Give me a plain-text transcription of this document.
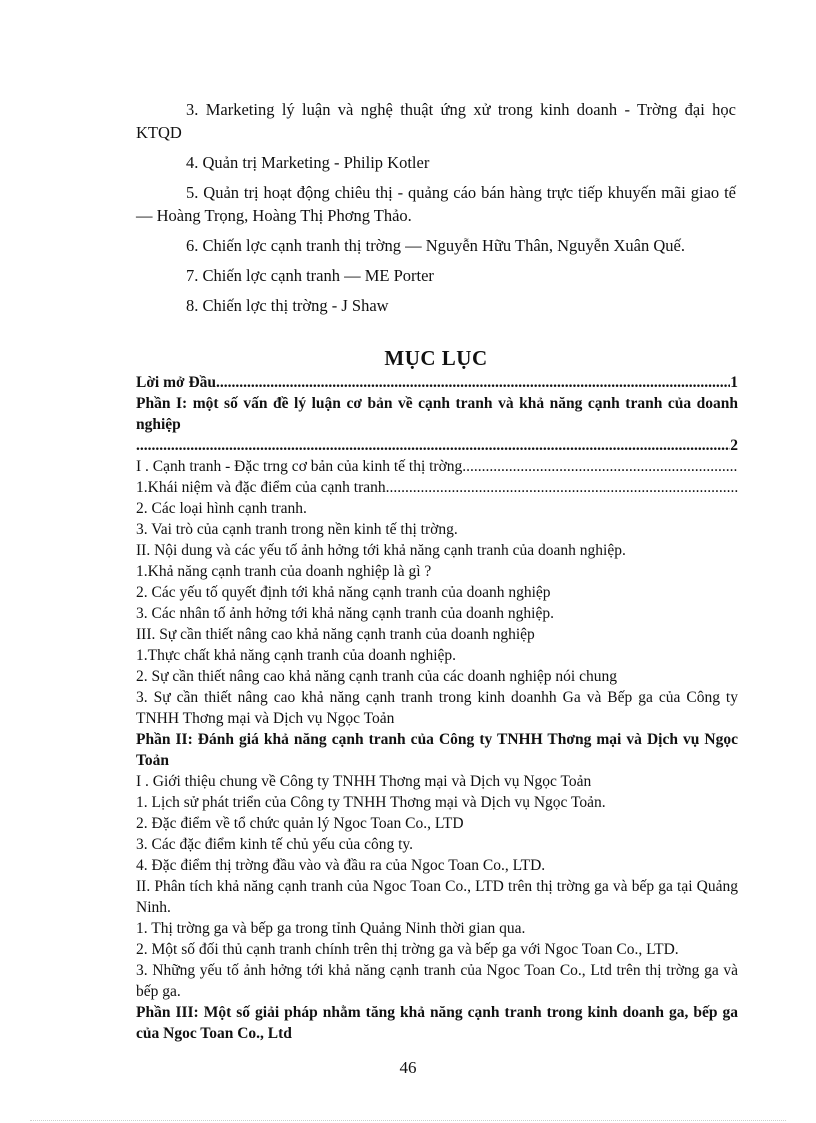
3. Marketing lý luận và nghệ thuật ứng xử trong kinh doanh - Trờng đại học KTQD

4. Quản trị Marketing - Philip Kotler

5. Quản trị hoạt động chiêu thị - quảng cáo bán hàng trực tiếp khuyến mãi giao tế — Hoàng Trọng, Hoàng Thị Phơng Thảo.

6. Chiến lợc cạnh tranh thị trờng — Nguyễn Hữu Thân, Nguyễn Xuân Quế.

7. Chiến lợc cạnh tranh — ME Porter

8. Chiến lợc thị trờng - J Shaw

MỤC LỤC
Lời mở Đầu
.....	1
Phần I: một số vấn đề lý luận cơ bản về cạnh tranh và khả năng cạnh tranh của doanh nghiệp
.....
2
I . Cạnh tranh - Đặc trng cơ bản của kinh tế thị trờng.
.....
1.Khái niệm và đặc điểm của cạnh tranh.
.....
2. Các loại hình cạnh tranh.
3. Vai trò của cạnh tranh trong nền kinh tế thị trờng.
II. Nội dung và các yếu tố ảnh hởng tới khả năng cạnh tranh của doanh nghiệp.
1.Khả năng cạnh tranh của doanh nghiệp là gì ?
2. Các yếu tố quyết định tới khả năng cạnh tranh của doanh nghiệp
3. Các nhân tố ảnh hởng tới khả năng cạnh tranh của doanh nghiệp.
III. Sự cần thiết nâng cao khả năng cạnh tranh của doanh nghiệp
1.Thực chất khả năng cạnh tranh của doanh nghiệp.
2. Sự cần thiết nâng cao khả năng cạnh tranh của các doanh nghiệp nói chung
3. Sự cần thiết nâng cao khả năng cạnh tranh trong kinh doanhh Ga và Bếp ga của Công ty TNHH Thơng mại và Dịch vụ Ngọc Toản
Phần II: Đánh giá khả năng cạnh tranh của Công ty TNHH Thơng mại và Dịch vụ Ngọc Toản
I . Giới thiệu chung về Công ty TNHH Thơng mại và Dịch vụ Ngọc Toản
1. Lịch sử phát triển của Công ty TNHH Thơng mại và Dịch vụ Ngọc Toản.
2. Đặc điểm về tổ chức quản lý Ngoc Toan Co., LTD
3. Các đặc điểm kinh tế chủ yếu của công ty.
4. Đặc điểm thị trờng đầu vào và đầu ra của Ngoc Toan Co., LTD.
II. Phân tích khả năng cạnh tranh của Ngoc Toan Co., LTD trên thị trờng ga và bếp ga tại Quảng Ninh.
1. Thị trờng ga và bếp ga trong tỉnh Quảng Ninh thời gian qua.
2. Một số đối thủ cạnh tranh chính trên thị trờng ga và bếp ga với Ngoc Toan Co., LTD.
3. Những yếu tố ảnh hởng tới khả năng cạnh tranh của Ngoc Toan Co., Ltd trên thị trờng ga và bếp ga.
Phần III: Một số giải pháp nhằm tăng khả năng cạnh tranh trong kinh doanh ga, bếp ga của Ngoc Toan Co., Ltd
46
